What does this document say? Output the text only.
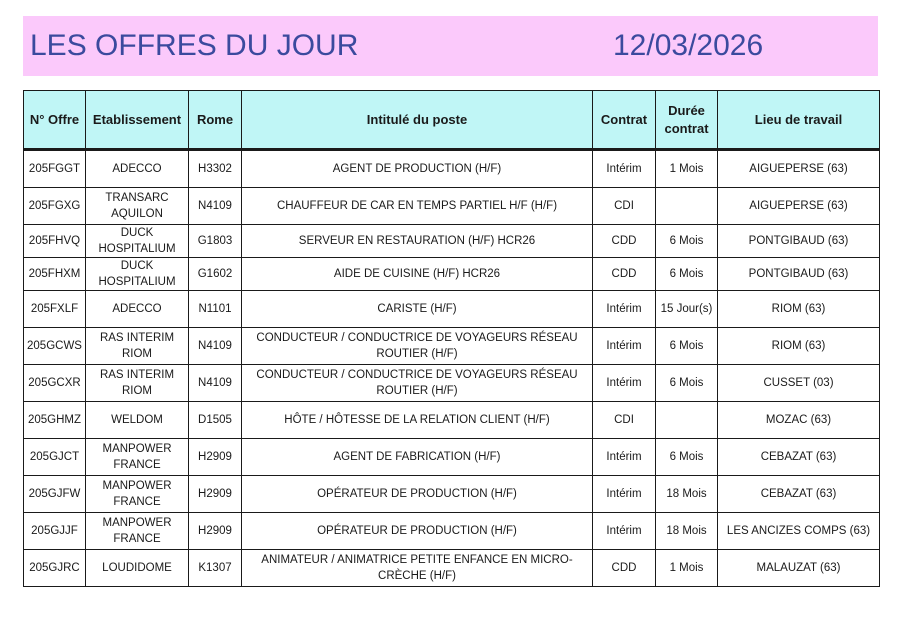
LES OFFRES DU JOUR	12/03/2026
N° Offre	Etablissement	Rome	Intitulé du poste	Contrat	Durée contrat	Lieu de travail
205FGGT	ADECCO	H3302	AGENT DE PRODUCTION (H/F)	Intérim	1 Mois	AIGUEPERSE (63)
205FGXG	TRANSARC AQUILON	N4109	CHAUFFEUR DE CAR EN TEMPS PARTIEL H/F (H/F)	CDI		AIGUEPERSE (63)
205FHVQ	DUCK HOSPITALIUM	G1803	SERVEUR EN RESTAURATION (H/F) HCR26	CDD	6 Mois	PONTGIBAUD (63)
205FHXM	DUCK HOSPITALIUM	G1602	AIDE DE CUISINE (H/F) HCR26	CDD	6 Mois	PONTGIBAUD (63)
205FXLF	ADECCO	N1101	CARISTE (H/F)	Intérim	15 Jour(s)	RIOM (63)
205GCWS	RAS INTERIM RIOM	N4109	CONDUCTEUR / CONDUCTRICE DE VOYAGEURS RÉSEAU ROUTIER (H/F)	Intérim	6 Mois	RIOM (63)
205GCXR	RAS INTERIM RIOM	N4109	CONDUCTEUR / CONDUCTRICE DE VOYAGEURS RÉSEAU ROUTIER (H/F)	Intérim	6 Mois	CUSSET (03)
205GHMZ	WELDOM	D1505	HÔTE / HÔTESSE DE LA RELATION CLIENT (H/F)	CDI		MOZAC (63)
205GJCT	MANPOWER FRANCE	H2909	AGENT DE FABRICATION (H/F)	Intérim	6 Mois	CEBAZAT (63)
205GJFW	MANPOWER FRANCE	H2909	OPÉRATEUR DE PRODUCTION (H/F)	Intérim	18 Mois	CEBAZAT (63)
205GJJF	MANPOWER FRANCE	H2909	OPÉRATEUR DE PRODUCTION (H/F)	Intérim	18 Mois	LES ANCIZES COMPS (63)
205GJRC	LOUDIDOME	K1307	ANIMATEUR / ANIMATRICE PETITE ENFANCE EN MICRO-CRÈCHE (H/F)	CDD	1 Mois	MALAUZAT (63)
